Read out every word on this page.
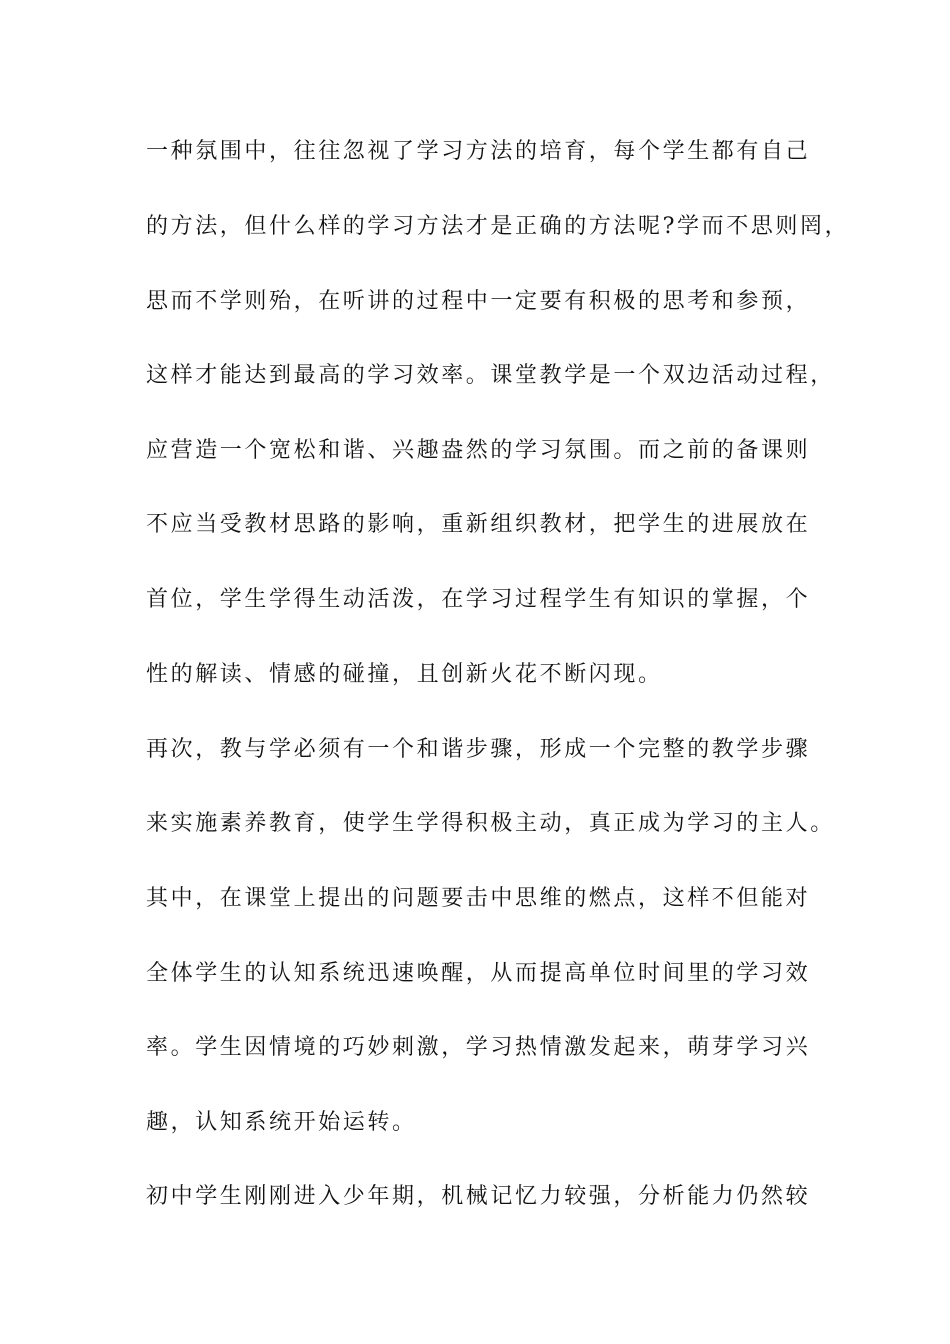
一种氛围中，往往忽视了学习方法的培育，每个学生都有自己
的方法，但什么样的学习方法才是正确的方法呢?学而不思则罔，
思而不学则殆，在听讲的过程中一定要有积极的思考和参预，
这样才能达到最高的学习效率。课堂教学是一个双边活动过程，
应营造一个宽松和谐、兴趣盎然的学习氛围。而之前的备课则
不应当受教材思路的影响，重新组织教材，把学生的进展放在
首位，学生学得生动活泼，在学习过程学生有知识的掌握，个
性的解读、情感的碰撞，且创新火花不断闪现。
再次，教与学必须有一个和谐步骤，形成一个完整的教学步骤
来实施素养教育，使学生学得积极主动，真正成为学习的主人。
其中，在课堂上提出的问题要击中思维的燃点，这样不但能对
全体学生的认知系统迅速唤醒，从而提高单位时间里的学习效
率。学生因情境的巧妙刺激，学习热情激发起来，萌芽学习兴
趣，认知系统开始运转。
初中学生刚刚进入少年期，机械记忆力较强，分析能力仍然较
